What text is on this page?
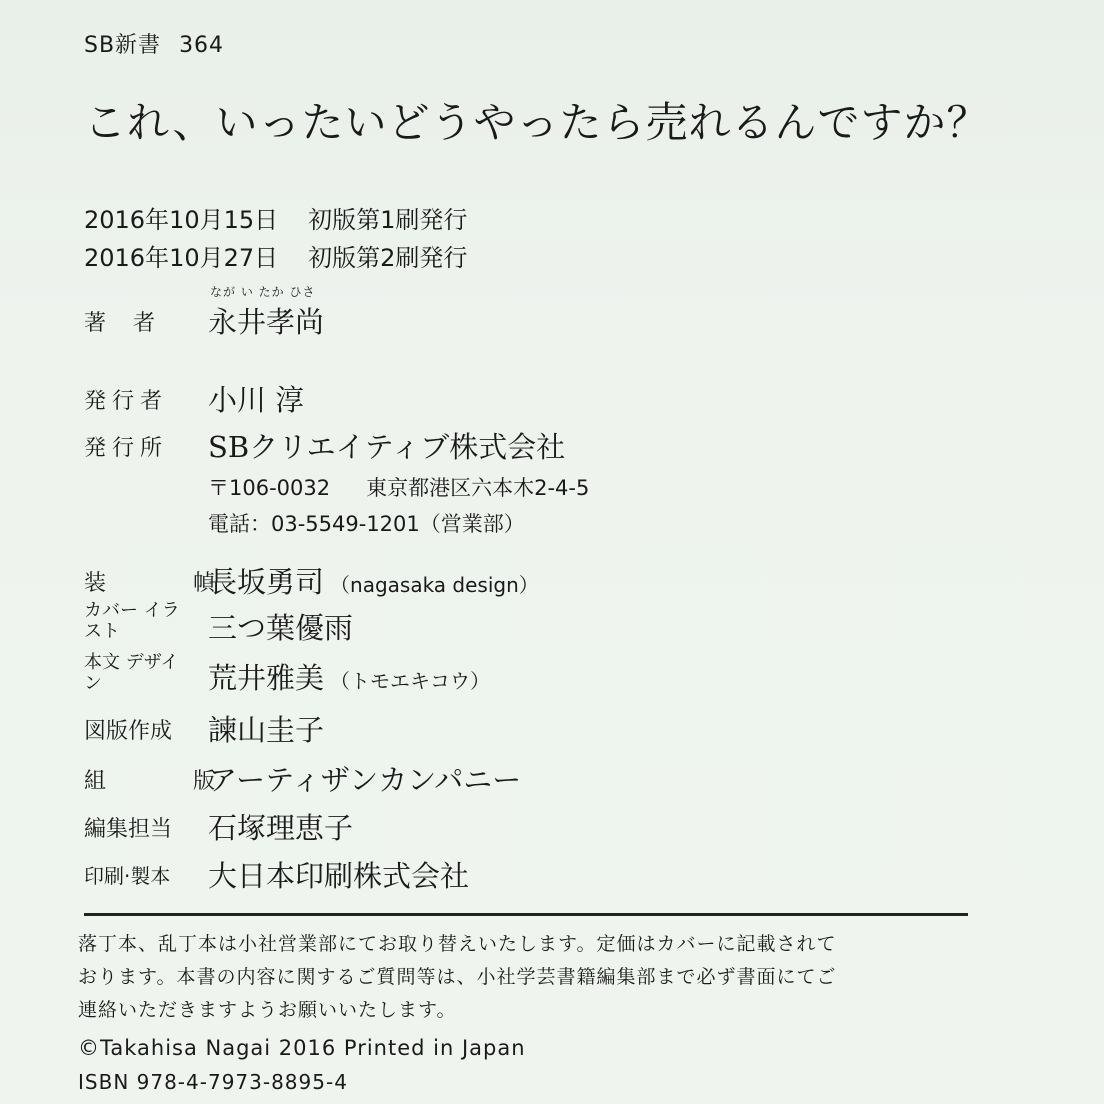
SB新書 364
これ、いったいどうやったら売れるんですか？
2016年10月15日 初版第1刷発行
2016年10月27日 初版第2刷発行
なが い たか ひさ
著 者 永井孝尚
発行者 小川 淳
発行所 SBクリエイティブ株式会社
〒106-0032 東京都港区六本木2-4-5
電話：03-5549-1201（営業部）
装 幀
長坂勇司 （nagasaka design）
カバー イラスト	三つ葉優雨
本文 デザイン	荒井雅美 （トモエキコウ）
図版作成 諫山圭子
組 版
アーティザンカンパニー
編集担当 石塚理恵子
印刷·製本 大日本印刷株式会社
落丁本、乱丁本は小社営業部にてお取り替えいたします。定価はカバーに記載されて
おります。本書の内容に関するご質問等は、小社学芸書籍編集部まで必ず書面にてご
連絡いただきますようお願いいたします。
©Takahisa Nagai 2016 Printed in Japan
ISBN 978-4-7973-8895-4
